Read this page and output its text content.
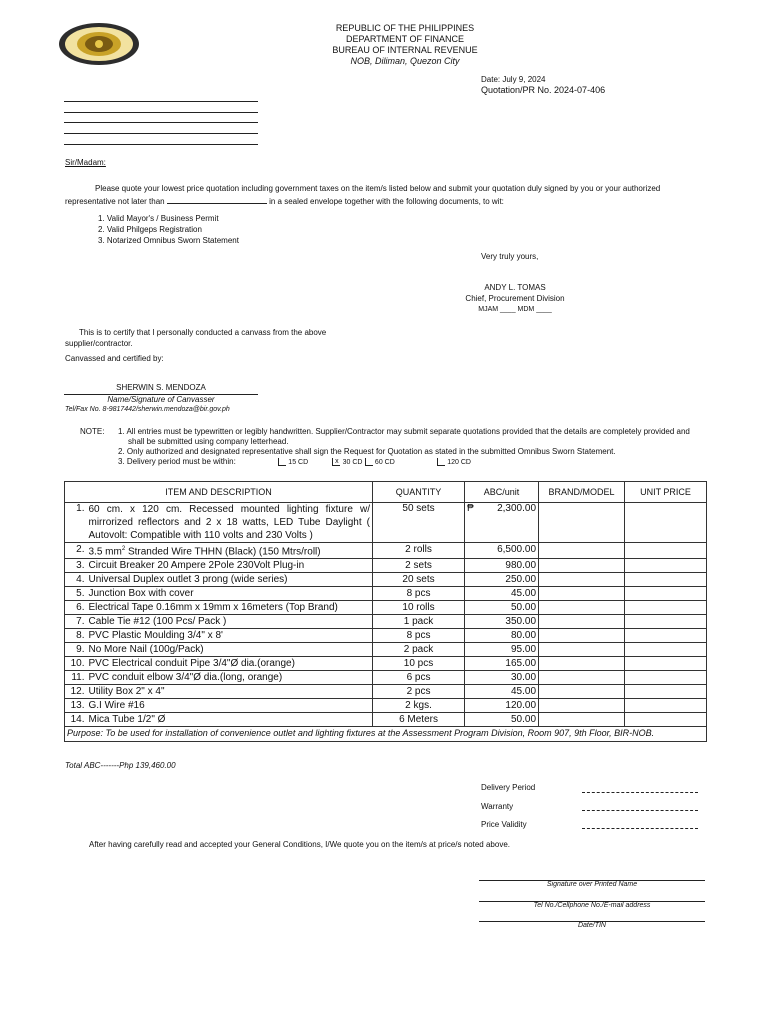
REPUBLIC OF THE PHILIPPINES
DEPARTMENT OF FINANCE
BUREAU OF INTERNAL REVENUE
NOB, Diliman, Quezon City
Date: July 9, 2024
Quotation/PR No. 2024-07-406
Sir/Madam:
Please quote your lowest price quotation including government taxes on the item/s listed below and submit your quotation duly signed by you or your authorized representative not later than	in a sealed envelope together with the following documents, to wit:
1. Valid Mayor's / Business Permit
2. Valid Philgeps Registration
3. Notarized Omnibus Sworn Statement
Very truly yours,
ANDY L. TOMAS
Chief, Procurement Division
MJAM ____ MDM ____
This is to certify that I personally conducted a canvass from the above supplier/contractor.
Canvassed and certified by:
SHERWIN S. MENDOZA
Name/Signature of Canvasser
Tel/Fax No. 8-9817442/sherwin.mendoza@bir.gov.ph
NOTE: 1. All entries must be typewritten or legibly handwritten. Supplier/Contractor may submit separate quotations provided that the details are completely provided and shall be submitted using company letterhead.
2. Only authorized and designated representative shall sign the Request for Quotation as stated in the submitted Omnibus Sworn Statement.
3. Delivery period must be within:	15 CD	x 30 CD 60 CD	120 CD
ITEM AND DESCRIPTION		QUANTITY	ABC/unit	BRAND/MODEL	UNIT PRICE
1.	60 cm. x 120 cm. Recessed mounted lighting fixture w/ mirrorized reflectors and 2 x 18 watts, LED Tube Daylight ( Autovolt: Compatible with 110 volts and 230 Volts )	50 sets	₱ 2,300.00		
2.	3.5 $mm^2$ Stranded Wire THHN (Black) (150 Mtrs/roll)	2 rolls	6,500.00		
3.	Circuit Breaker 20 Ampere 2Pole 230Volt Plug-in	2 sets	980.00		
4.	Universal Duplex outlet 3 prong (wide series)	20 sets	250.00		
5.	Junction Box with cover	8 pcs	45.00		
6.	Electrical Tape 0.16mm x 19mm x 16meters (Top Brand)	10 rolls	50.00		
7.	Cable Tie #12 (100 Pcs/ Pack )	1 pack	350.00		
8.	PVC Plastic Moulding 3/4" x 8'	8 pcs	80.00		
9.	No More Nail (100g/Pack)	2 pack	95.00		
10.	PVC Electrical conduit Pipe 3/4"Ø dia.(orange)	10 pcs	165.00		
11.	PVC conduit elbow 3/4"Ø dia.(long, orange)	6 pcs	30.00		
12.	Utility Box 2" x 4"	2 pcs	45.00		
13.	G.I Wire #16	2 kgs.	120.00		
14.	Mica Tube 1/2" Ø	6 Meters	50.00		
Purpose: To be used for installation of convenience outlet and lighting fixtures at the Assessment Program Division, Room 907, 9th Floor, BIR-NOB.					
Total ABC-------Php 139,460.00
Delivery Period
Warranty
Price Validity
After having carefully read and accepted your General Conditions, I/We quote you on the item/s at price/s noted above.
Signature over Printed Name
Tel No./Cellphone No./E-mail address
Date/TIN
